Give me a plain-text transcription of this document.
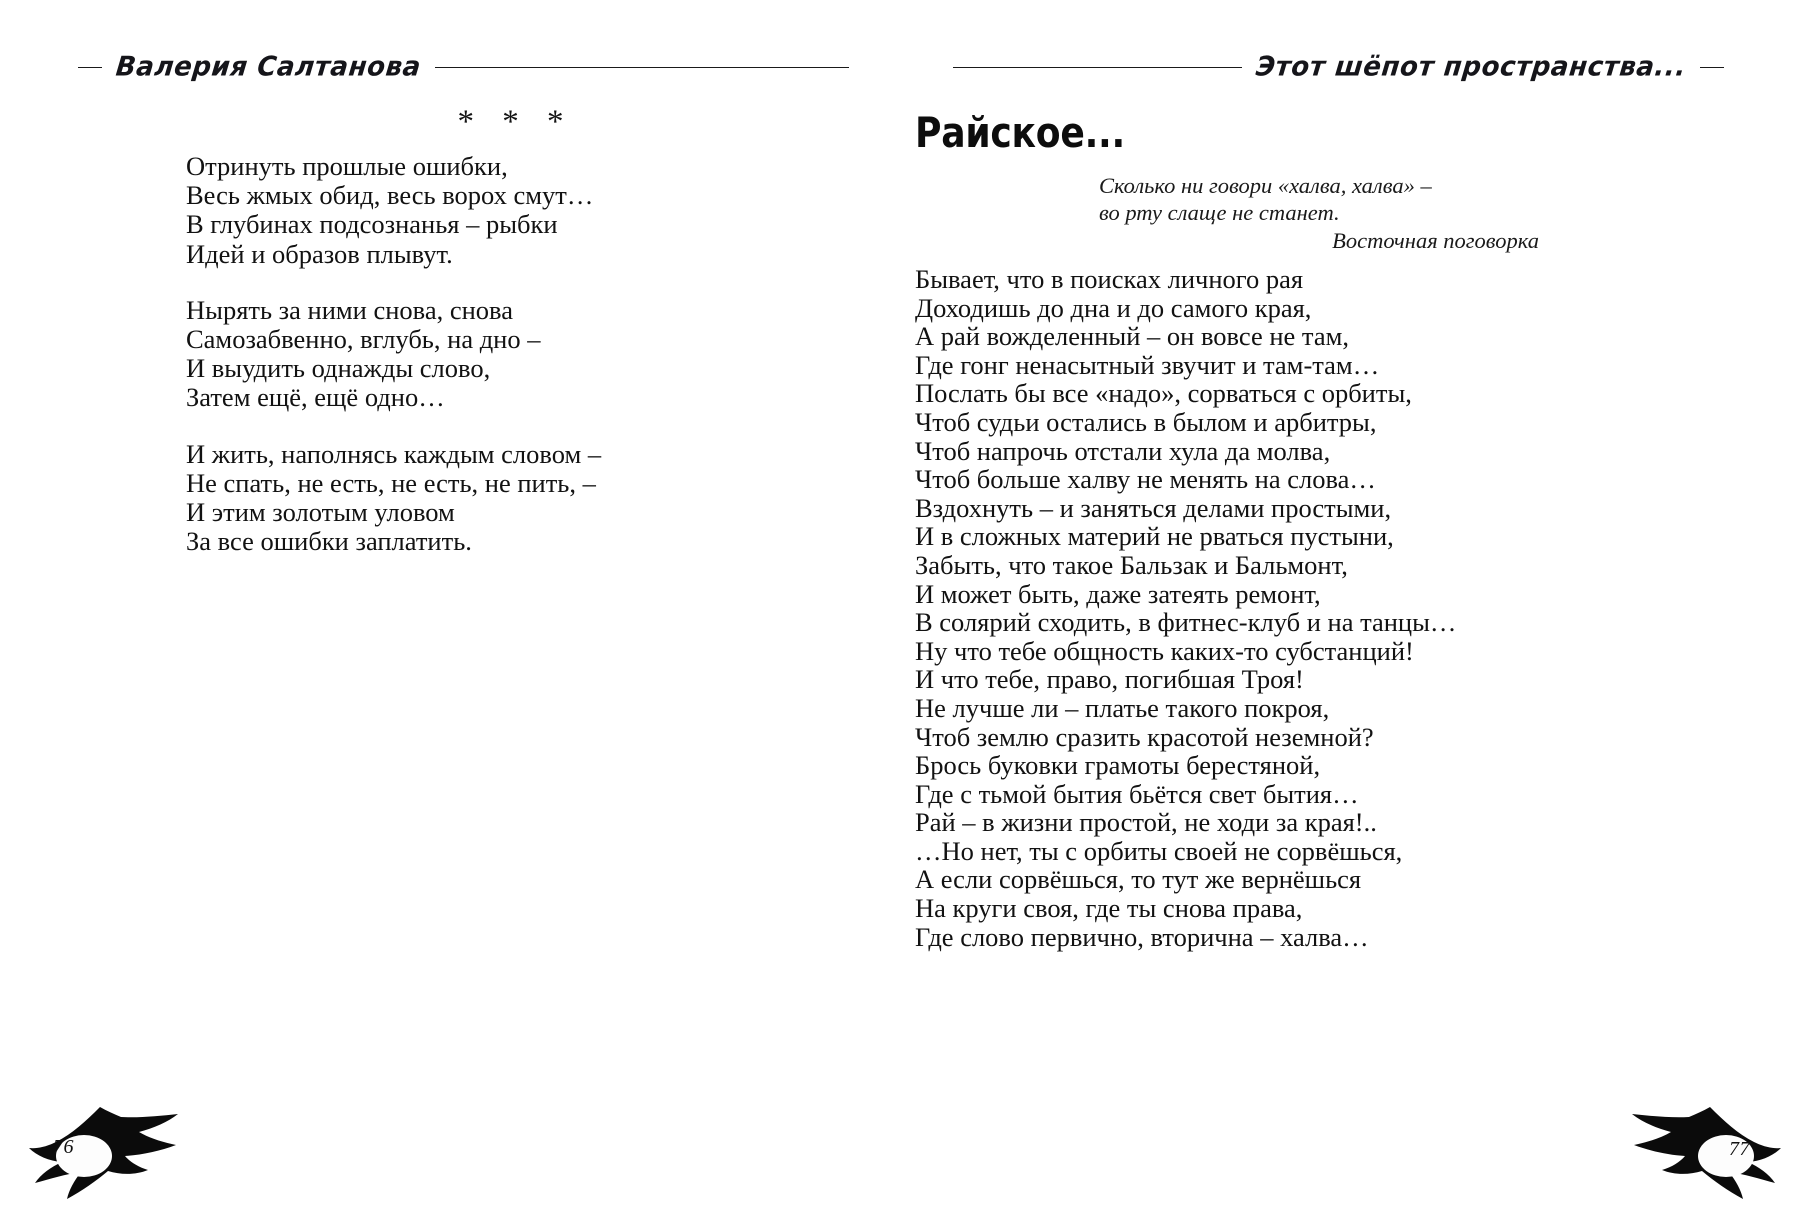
Валерия Салтанова
* * *

Отринуть прошлые ошибки,
Весь жмых обид, весь ворох смут…
В глубинах подсознанья – рыбки
Идей и образов плывут.

Нырять за ними снова, снова
Самозабвенно, вглубь, на дно –
И выудить однажды слово,
Затем ещё, ещё одно…

И жить, наполнясь каждым словом –
Не спать, не есть, не есть, не пить, –
И этим золотым уловом
За все ошибки заплатить.

76
Этот шёпот пространства...
Райское...
Сколько ни говори «халва, халва» –
во рту слаще не станет.
Восточная поговорка

Бывает, что в поисках личного рая
Доходишь до дна и до самого края,
А рай вожделенный – он вовсе не там,
Где гонг ненасытный звучит и там-там…
Послать бы все «надо», сорваться с орбиты,
Чтоб судьи остались в былом и арбитры,
Чтоб напрочь отстали хула да молва,
Чтоб больше халву не менять на слова…
Вздохнуть – и заняться делами простыми,
И в сложных материй не рваться пустыни,
Забыть, что такое Бальзак и Бальмонт,
И может быть, даже затеять ремонт,
В солярий сходить, в фитнес-клуб и на танцы…
Ну что тебе общность каких-то субстанций!
И что тебе, право, погибшая Троя!
Не лучше ли – платье такого покроя,
Чтоб землю сразить красотой неземной?
Брось буковки грамоты берестяной,
Где с тьмой бытия бьётся свет бытия…
Рай – в жизни простой, не ходи за края!..
…Но нет, ты с орбиты своей не сорвёшься,
А если сорвёшься, то тут же вернёшься
На круги своя, где ты снова права,
Где слово первично, вторична – халва…

77
